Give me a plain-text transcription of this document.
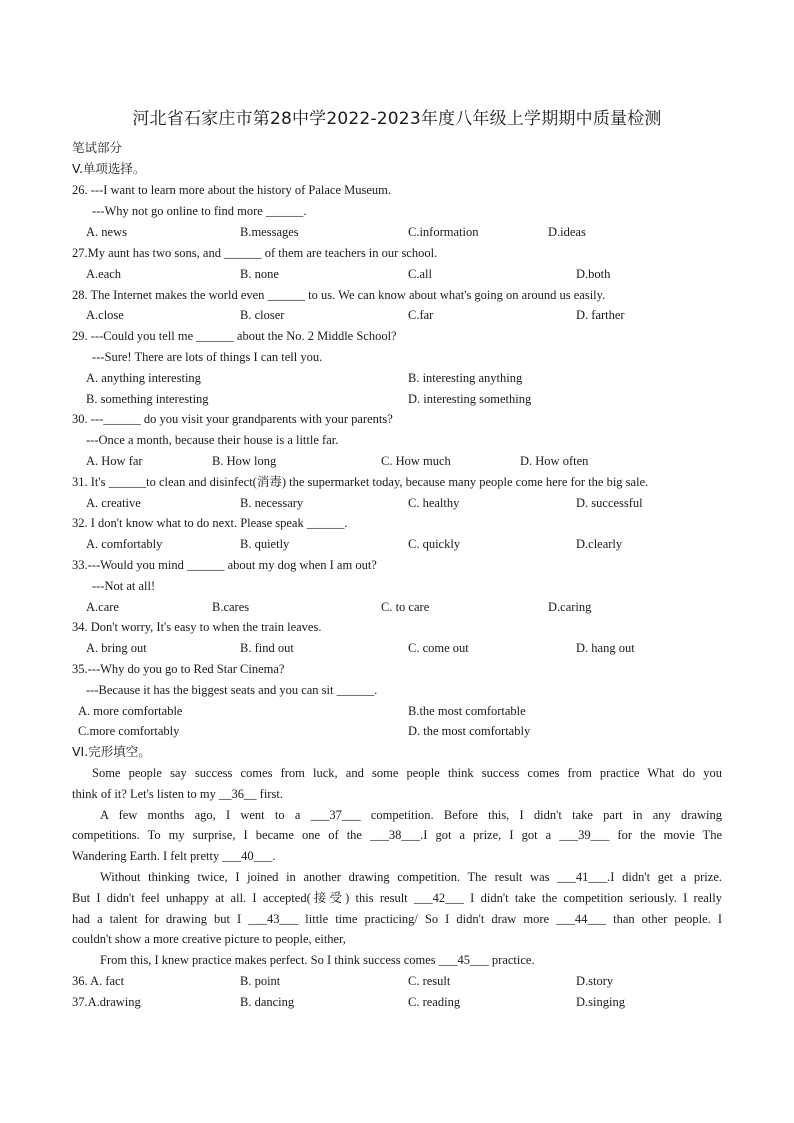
河北省石家庄市第28中学2022-2023年度八年级上学期期中质量检测
笔试部分
V.单项选择。
26. ---I want to learn more about the history of Palace Museum.
---Why not go online to find more ______.
A. news	B.messages	C.information	D.ideas
27.My aunt has two sons, and ______ of them are teachers in our school.
A.each	B. none	C.all	D.both
28. The Internet makes the world even ______ to us. We can know about what's going on around us easily.
A.close	B. closer	C.far	D. farther
29. ---Could you tell me ______ about the No. 2 Middle School?
---Sure! There are lots of things I can tell you.
A. anything interesting	B. interesting anything
B. something interesting	D. interesting something
30. ---______ do you visit your grandparents with your parents?
---Once a month, because their house is a little far.
A. How far	B. How long	C. How much	D. How often
31. It's ______to clean and disinfect(消毒) the supermarket today, because many people come here for the big sale.
A. creative	B. necessary	C. healthy	D. successful
32. I don't know what to do next. Please speak ______.
A. comfortably	B. quietly	C. quickly	D.clearly
33.---Would you mind ______ about my dog when I am out?
---Not at all!
A.care	B.cares	C. to care	D.caring
34. Don't worry, It's easy to when the train leaves.
A. bring out	B. find out	C. come out	D. hang out
35.---Why do you go to Red Star Cinema?
---Because it has the biggest seats and you can sit ______.
A. more comfortable	B.the most comfortable
C.more comfortably	D. the most comfortably
VI.完形填空。
Some people say success comes from luck, and some people think success comes from practice What do you
think of it? Let's listen to my __36__ first.
A few months ago, I went to a ___37___ competition. Before this, I didn't take part in any drawing
competitions. To my surprise, I became one of the ___38___.I got a prize, I got a ___39___ for the movie The
Wandering Earth. I felt pretty ___40___.
Without thinking twice, I joined in another drawing competition. The result was ___41___.I didn't get a prize.
But I didn't feel unhappy at all. I accepted(接受) this result ___42___ I didn't take the competition seriously. I really
had a talent for drawing but I ___43___ little time practicing/ So I didn't draw more ___44___ than other people. I
couldn't show a more creative picture to people, either,
From this, I knew practice makes perfect. So I think success comes ___45___ practice.
36. A. fact	B. point	C. result	D.story
37.A.drawing	B. dancing	C. reading	D.singing
